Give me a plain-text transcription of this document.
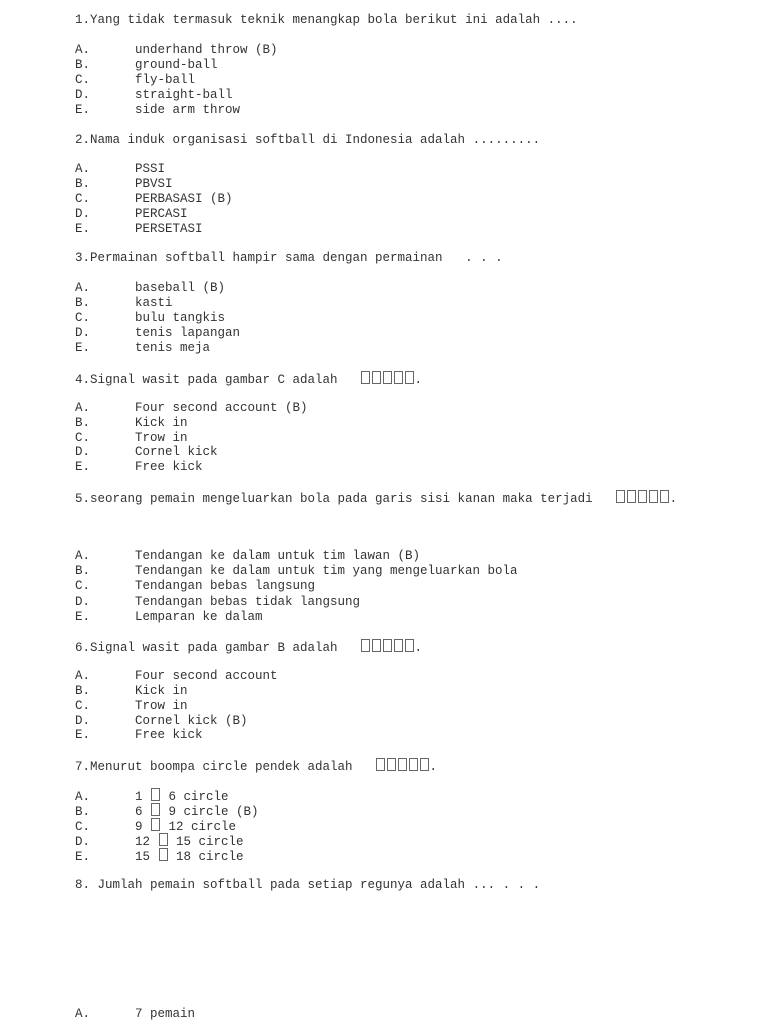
1.Yang tidak termasuk teknik menangkap bola berikut ini adalah ....
A.	underhand throw (B)
B.	ground-ball
C.	fly-ball
D.	straight-ball
E.	side arm throw
2.Nama induk organisasi softball di Indonesia adalah .........
A.	PSSI
B.	PBVSI
C.	PERBASASI (B)
D.	PERCASI
E.	PERSETASI
3.Permainan softball hampir sama dengan permainan   . . .
A.	baseball (B)
B.	kasti
C.	bulu tangkis
D.	tenis lapangan
E.	tenis meja
4.Signal wasit pada gambar C adalah	.
A.	Four second account (B)
B.	Kick in
C.	Trow in
D.	Cornel kick
E.	Free kick
5.seorang pemain mengeluarkan bola pada garis sisi kanan maka terjadi	.
A.	Tendangan ke dalam untuk tim lawan (B)
B.	Tendangan ke dalam untuk tim yang mengeluarkan bola
C.	Tendangan bebas langsung
D.	Tendangan bebas tidak langsung
E.	Lemparan ke dalam
6.Signal wasit pada gambar B adalah	.
A.	Four second account
B.	Kick in
C.	Trow in
D.	Cornel kick (B)
E.	Free kick
7.Menurut boompa circle pendek adalah	.
A.	1 6 circle
B.	6 9 circle (B)
C.	9 12 circle
D.	12 15 circle
E.	15 18 circle
8. Jumlah pemain softball pada setiap regunya adalah ... . . .
A.	7 pemain
